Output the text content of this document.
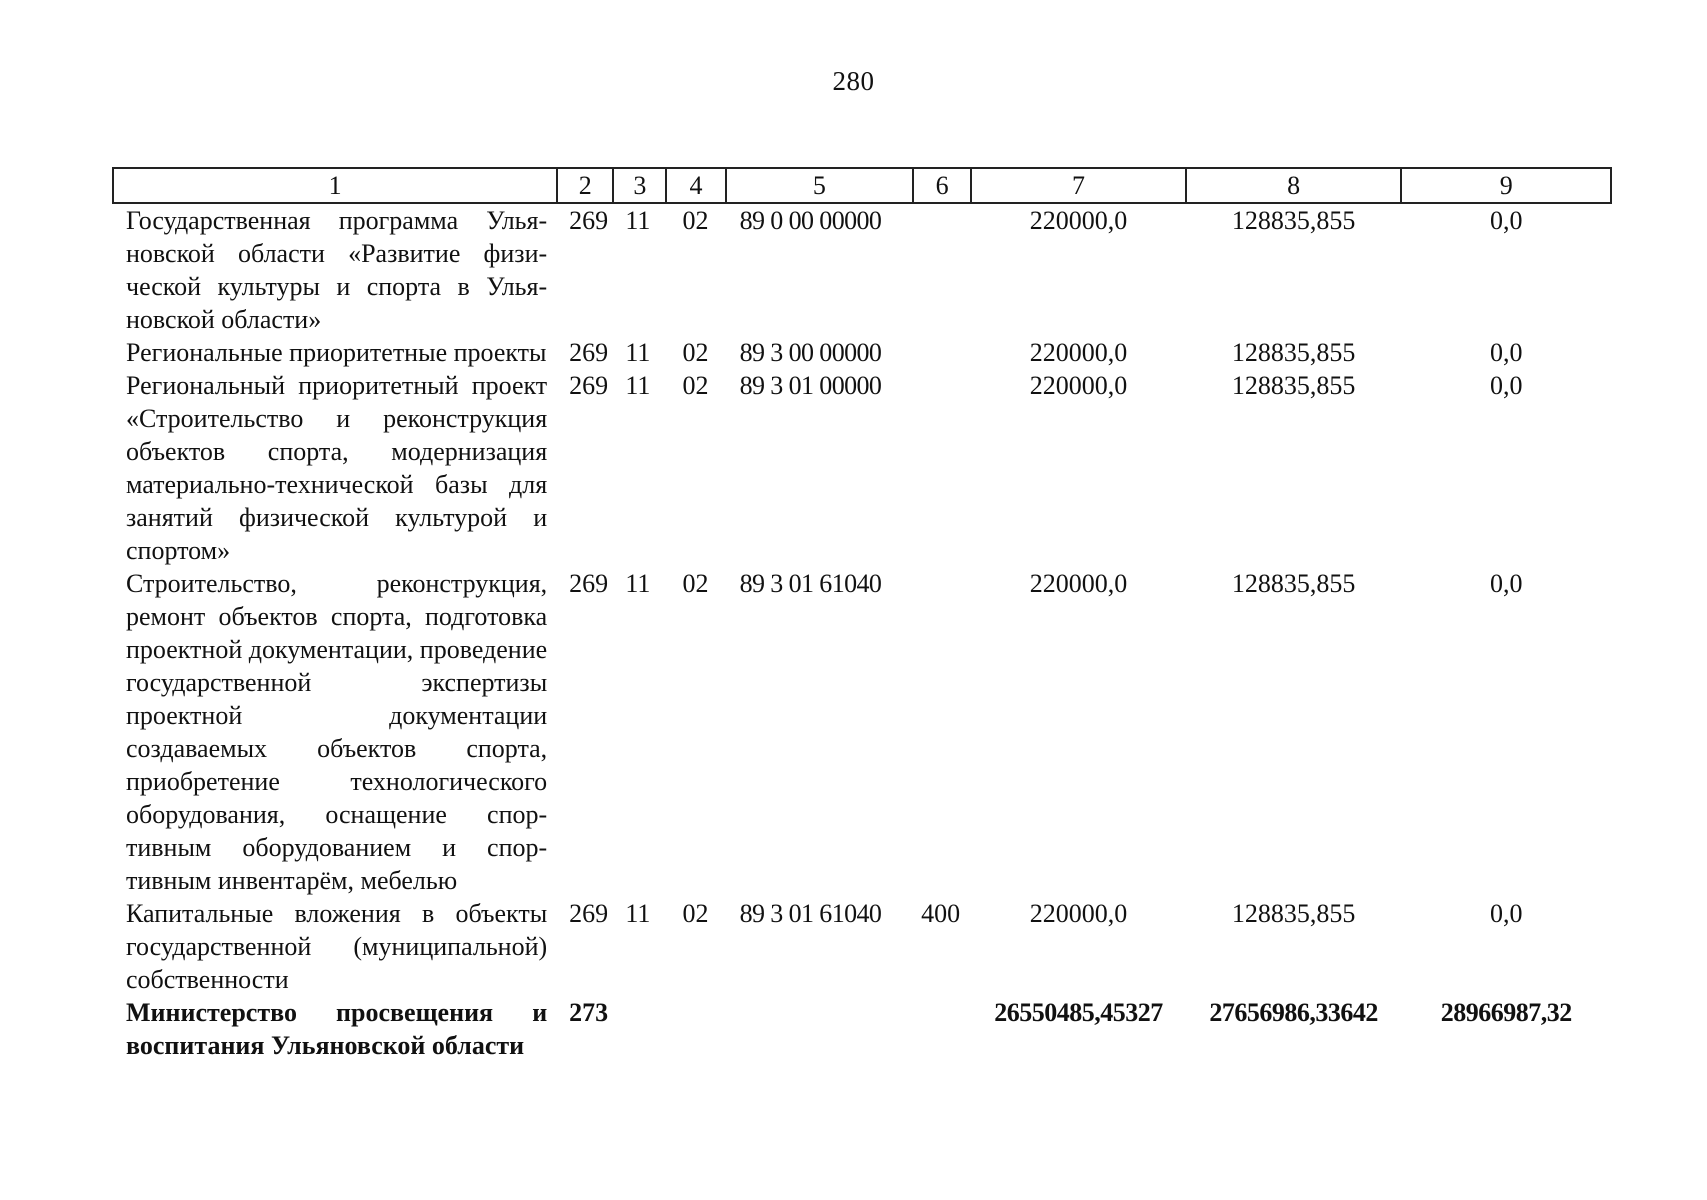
280
1	2	3	4	5	6	7	8	9
Государственная программа Ульяновской области «Развитие физической культуры и спорта в Ульяновской области»	269	11	02	89 0 00 00000		220000,0	128835,855	0,0
Региональные приоритетные проекты	269	11	02	89 3 00 00000		220000,0	128835,855	0,0
Региональный приоритетный проект «Строительство и реконструкция объектов спорта, модернизация материально-технической базы для занятий физической культурой и спортом»	269	11	02	89 3 01 00000		220000,0	128835,855	0,0
Строительство, реконструкция, ремонт объектов спорта, подготовка проектной документации, проведение государственной экспертизы проектной документации создаваемых объектов спорта, приобретение технологического оборудования, оснащение спортивным оборудованием и спортивным инвентарём, мебелью	269	11	02	89 3 01 61040		220000,0	128835,855	0,0
Капитальные вложения в объекты государственной (муниципальной) собственности	269	11	02	89 3 01 61040	400	220000,0	128835,855	0,0
Министерство просвещения и воспитания Ульяновской области	273					26550485,45327	27656986,33642	28966987,32
